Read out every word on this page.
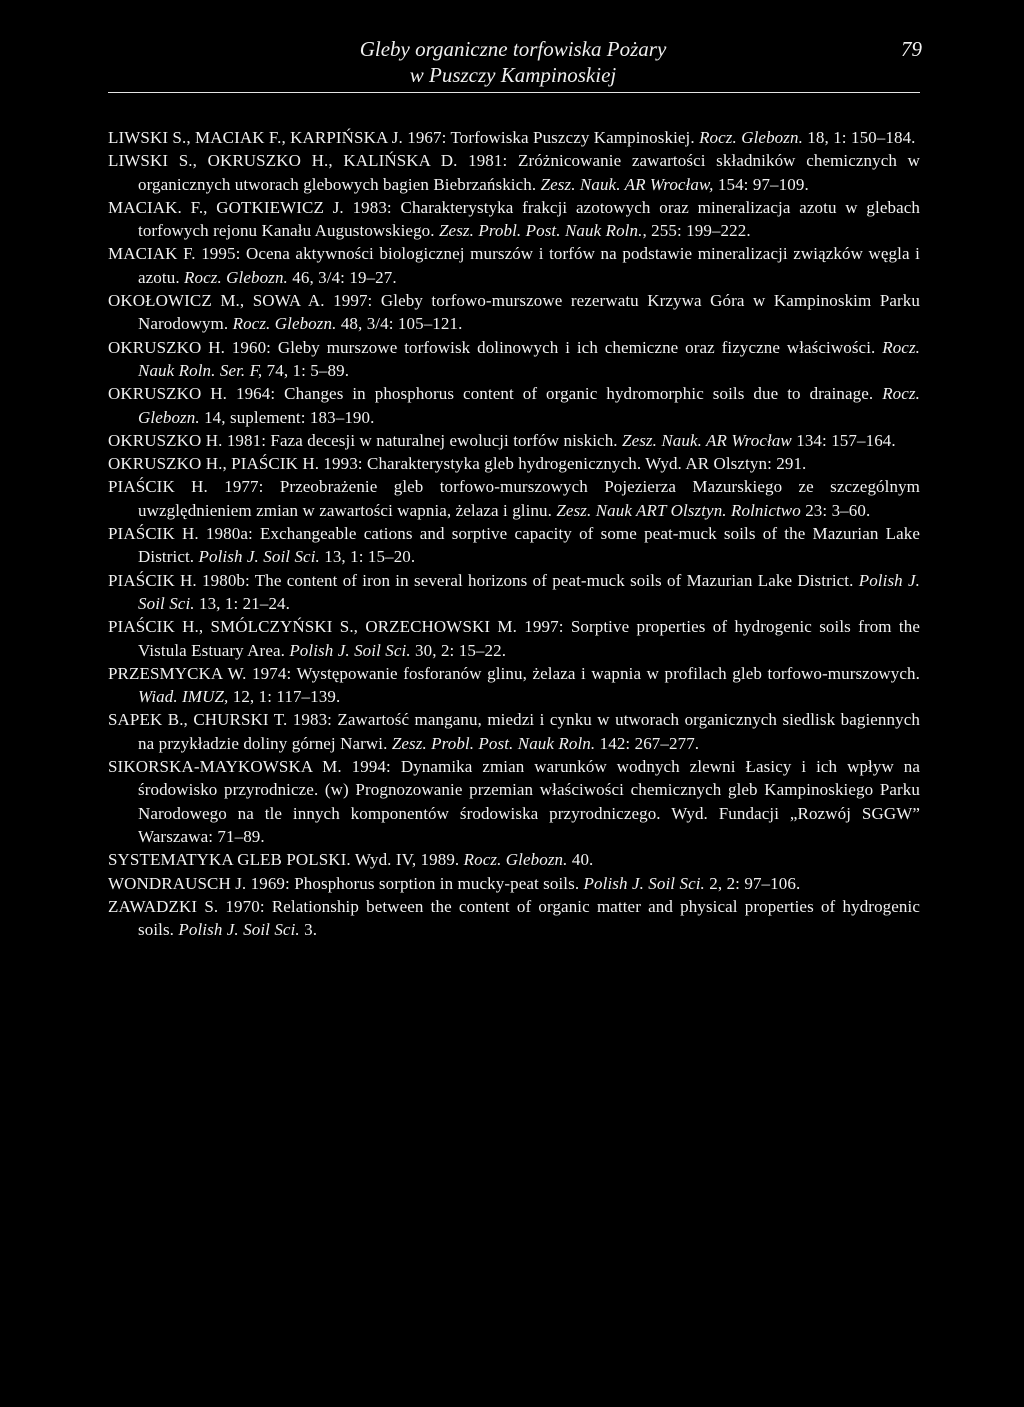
Gleby organiczne torfowiska Pożary
w Puszczy Kampinoskiej
79
LIWSKI S., MACIAK F., KARPIŃSKA J. 1967: Torfowiska Puszczy Kampinoskiej. Rocz. Glebozn. 18, 1: 150–184.
LIWSKI S., OKRUSZKO H., KALIŃSKA D. 1981: Zróżnicowanie zawartości składników chemicznych w organicznych utworach glebowych bagien Biebrzańskich. Zesz. Nauk. AR Wrocław, 154: 97–109.
MACIAK. F., GOTKIEWICZ J. 1983: Charakterystyka frakcji azotowych oraz mineralizacja azotu w glebach torfowych rejonu Kanału Augustowskiego. Zesz. Probl. Post. Nauk Roln., 255: 199–222.
MACIAK F. 1995: Ocena aktywności biologicznej murszów i torfów na podstawie mineralizacji związków węgla i azotu. Rocz. Glebozn. 46, 3/4: 19–27.
OKOŁOWICZ M., SOWA A. 1997: Gleby torfowo-murszowe rezerwatu Krzywa Góra w Kampinoskim Parku Narodowym. Rocz. Glebozn. 48, 3/4: 105–121.
OKRUSZKO H. 1960: Gleby murszowe torfowisk dolinowych i ich chemiczne oraz fizyczne właściwości. Rocz. Nauk Roln. Ser. F, 74, 1: 5–89.
OKRUSZKO H. 1964: Changes in phosphorus content of organic hydromorphic soils due to drainage. Rocz. Glebozn. 14, suplement: 183–190.
OKRUSZKO H. 1981: Faza decesji w naturalnej ewolucji torfów niskich. Zesz. Nauk. AR Wrocław 134: 157–164.
OKRUSZKO H., PIAŚCIK H. 1993: Charakterystyka gleb hydrogenicznych. Wyd. AR Olsztyn: 291.
PIAŚCIK H. 1977: Przeobrażenie gleb torfowo-murszowych Pojezierza Mazurskiego ze szczególnym uwzględnieniem zmian w zawartości wapnia, żelaza i glinu. Zesz. Nauk ART Olsztyn. Rolnictwo 23: 3–60.
PIAŚCIK H. 1980a: Exchangeable cations and sorptive capacity of some peat-muck soils of the Mazurian Lake District. Polish J. Soil Sci. 13, 1: 15–20.
PIAŚCIK H. 1980b: The content of iron in several horizons of peat-muck soils of Mazurian Lake District. Polish J. Soil Sci. 13, 1: 21–24.
PIAŚCIK H., SMÓLCZYŃSKI S., ORZECHOWSKI M. 1997: Sorptive properties of hydrogenic soils from the Vistula Estuary Area. Polish J. Soil Sci. 30, 2: 15–22.
PRZESMYCKA W. 1974: Występowanie fosforanów glinu, żelaza i wapnia w profilach gleb torfowo-murszowych. Wiad. IMUZ, 12, 1: 117–139.
SAPEK B., CHURSKI T. 1983: Zawartość manganu, miedzi i cynku w utworach organicznych siedlisk bagiennych na przykładzie doliny górnej Narwi. Zesz. Probl. Post. Nauk Roln. 142: 267–277.
SIKORSKA-MAYKOWSKA M. 1994: Dynamika zmian warunków wodnych zlewni Łasicy i ich wpływ na środowisko przyrodnicze. (w) Prognozowanie przemian właściwości chemicznych gleb Kampinoskiego Parku Narodowego na tle innych komponentów środowiska przyrodniczego. Wyd. Fundacji „Rozwój SGGW” Warszawa: 71–89.
SYSTEMATYKA GLEB POLSKI. Wyd. IV, 1989. Rocz. Glebozn. 40.
WONDRAUSCH J. 1969: Phosphorus sorption in mucky-peat soils. Polish J. Soil Sci. 2, 2: 97–106.
ZAWADZKI S. 1970: Relationship between the content of organic matter and physical properties of hydrogenic soils. Polish J. Soil Sci. 3.
